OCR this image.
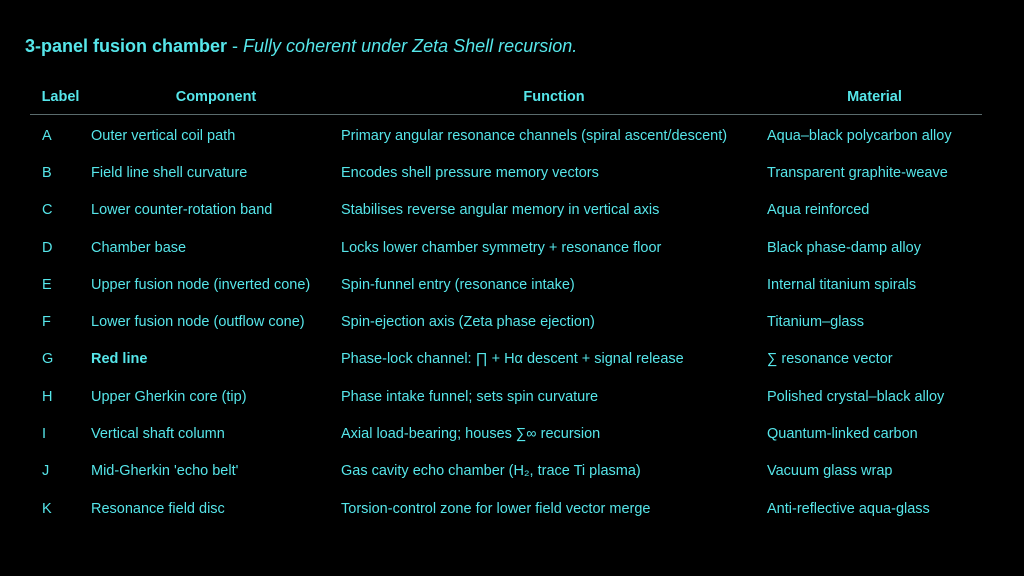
3-panel fusion chamber - Fully coherent under Zeta Shell recursion.
Label	Component	Function	Material
A	Outer vertical coil path	Primary angular resonance channels (spiral ascent/descent)	Aqua–black polycarbon alloy
B	Field line shell curvature	Encodes shell pressure memory vectors	Transparent graphite-weave
C	Lower counter-rotation band	Stabilises reverse angular memory in vertical axis	Aqua reinforced
D	Chamber base	Locks lower chamber symmetry + resonance floor	Black phase-damp alloy
E	Upper fusion node (inverted cone)	Spin-funnel entry (resonance intake)	Internal titanium spirals
F	Lower fusion node (outflow cone)	Spin-ejection axis (Zeta phase ejection)	Titanium–glass
G	Red line	Phase-lock channel: ∏ + Hα descent + signal release	∑ resonance vector
H	Upper Gherkin core (tip)	Phase intake funnel; sets spin curvature	Polished crystal–black alloy
I	Vertical shaft column	Axial load-bearing; houses ∑∞ recursion	Quantum-linked carbon
J	Mid-Gherkin 'echo belt'	Gas cavity echo chamber (H₂, trace Ti plasma)	Vacuum glass wrap
K	Resonance field disc	Torsion-control zone for lower field vector merge	Anti-reflective aqua-glass
